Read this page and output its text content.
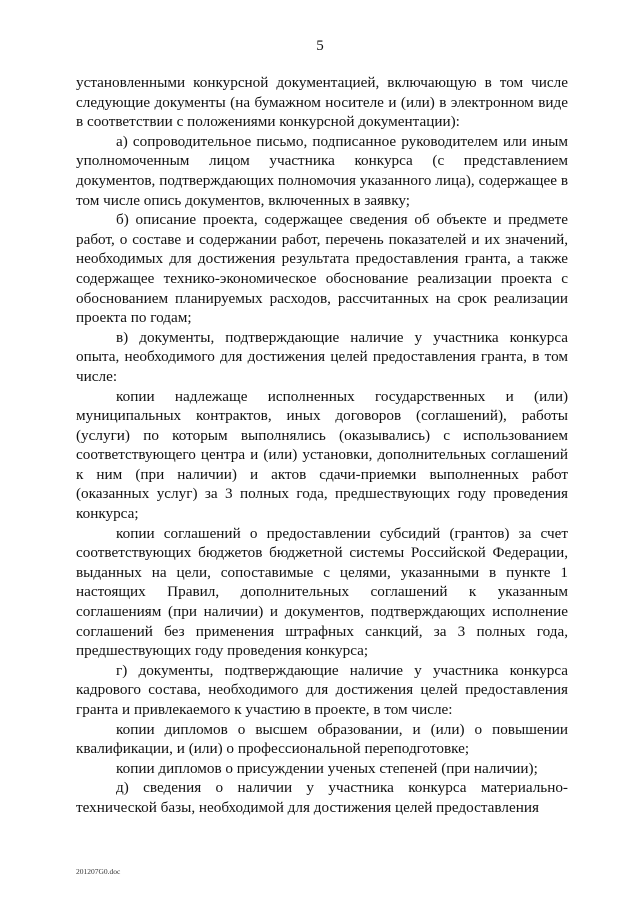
5

установленными конкурсной документацией, включающую в том числе следующие документы (на бумажном носителе и (или) в электронном виде в соответствии с положениями конкурсной документации):

а) сопроводительное письмо, подписанное руководителем или иным уполномоченным лицом участника конкурса (с представлением документов, подтверждающих полномочия указанного лица), содержащее в том числе опись документов, включенных в заявку;

б) описание проекта, содержащее сведения об объекте и предмете работ, о составе и содержании работ, перечень показателей и их значений, необходимых для достижения результата предоставления гранта, а также содержащее технико-экономическое обоснование реализации проекта с обоснованием планируемых расходов, рассчитанных на срок реализации проекта по годам;

в) документы, подтверждающие наличие у участника конкурса опыта, необходимого для достижения целей предоставления гранта, в том числе:

копии надлежаще исполненных государственных и (или) муниципальных контрактов, иных договоров (соглашений), работы (услуги) по которым выполнялись (оказывались) с использованием соответствующего центра и (или) установки, дополнительных соглашений к ним (при наличии) и актов сдачи-приемки выполненных работ (оказанных услуг) за 3 полных года, предшествующих году проведения конкурса;

копии соглашений о предоставлении субсидий (грантов) за счет соответствующих бюджетов бюджетной системы Российской Федерации, выданных на цели, сопоставимые с целями, указанными в пункте 1 настоящих Правил, дополнительных соглашений к указанным соглашениям (при наличии) и документов, подтверждающих исполнение соглашений без применения штрафных санкций, за 3 полных года, предшествующих году проведения конкурса;

г) документы, подтверждающие наличие у участника конкурса кадрового состава, необходимого для достижения целей предоставления гранта и привлекаемого к участию в проекте, в том числе:

копии дипломов о высшем образовании, и (или) о повышении квалификации, и (или) о профессиональной переподготовке;

копии дипломов о присуждении ученых степеней (при наличии);

д) сведения о наличии у участника конкурса материально-технической базы, необходимой для достижения целей предоставления

201207G0.doc
